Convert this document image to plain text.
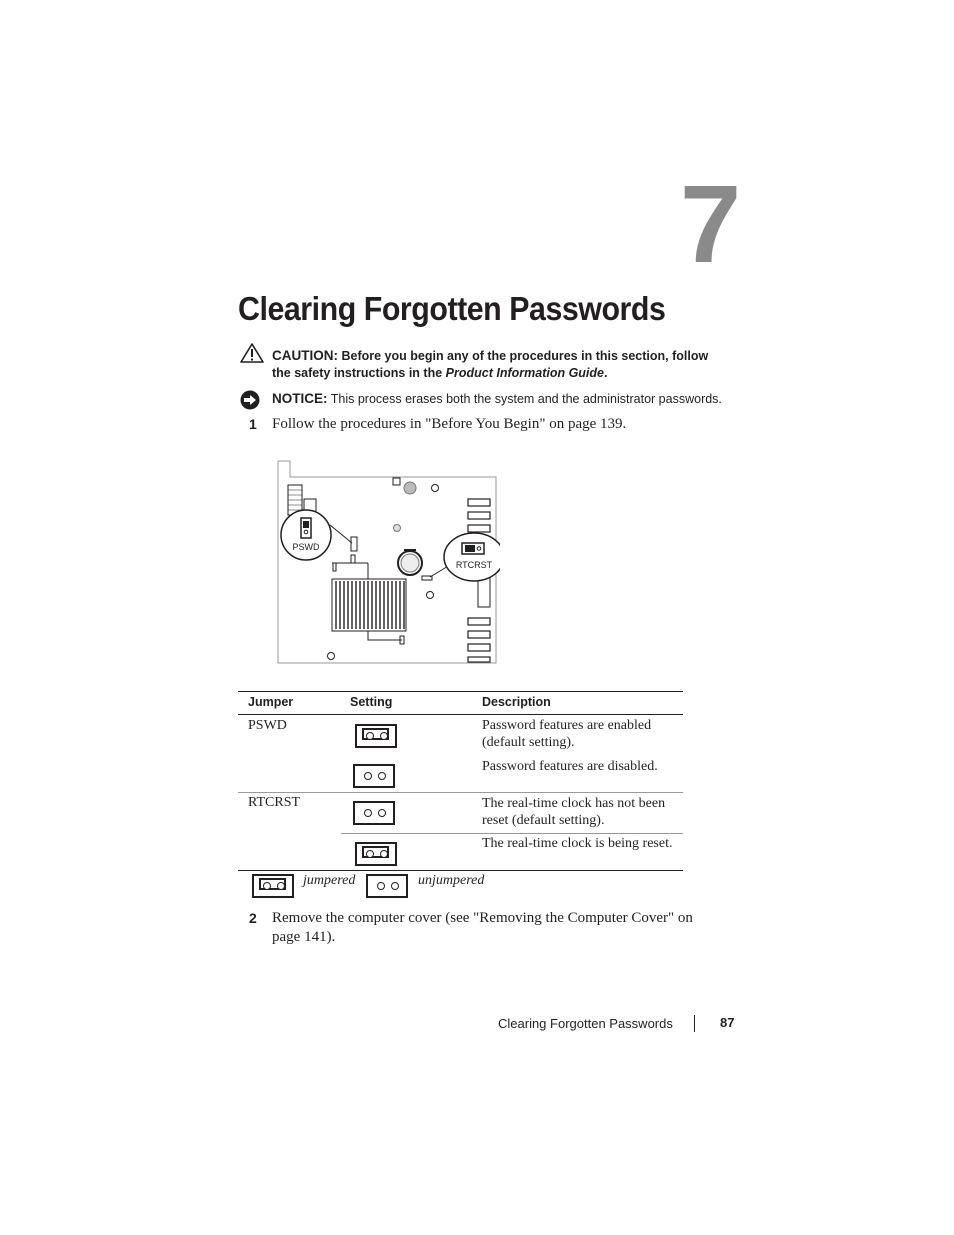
7
Clearing Forgotten Passwords
CAUTION: Before you begin any of the procedures in this section, follow the safety instructions in the Product Information Guide.
NOTICE: This process erases both the system and the administrator passwords.
1 Follow the procedures in "Before You Begin" on page 139.
PSWD
RTCRST
Jumper	Setting	Description
PSWD	Password features are enabled (default setting).
Password features are disabled.
RTCRST	The real-time clock has not been reset (default setting).
The real-time clock is being reset.
jumpered	unjumpered
2 Remove the computer cover (see "Removing the Computer Cover" on page 141).
Clearing Forgotten Passwords	87
